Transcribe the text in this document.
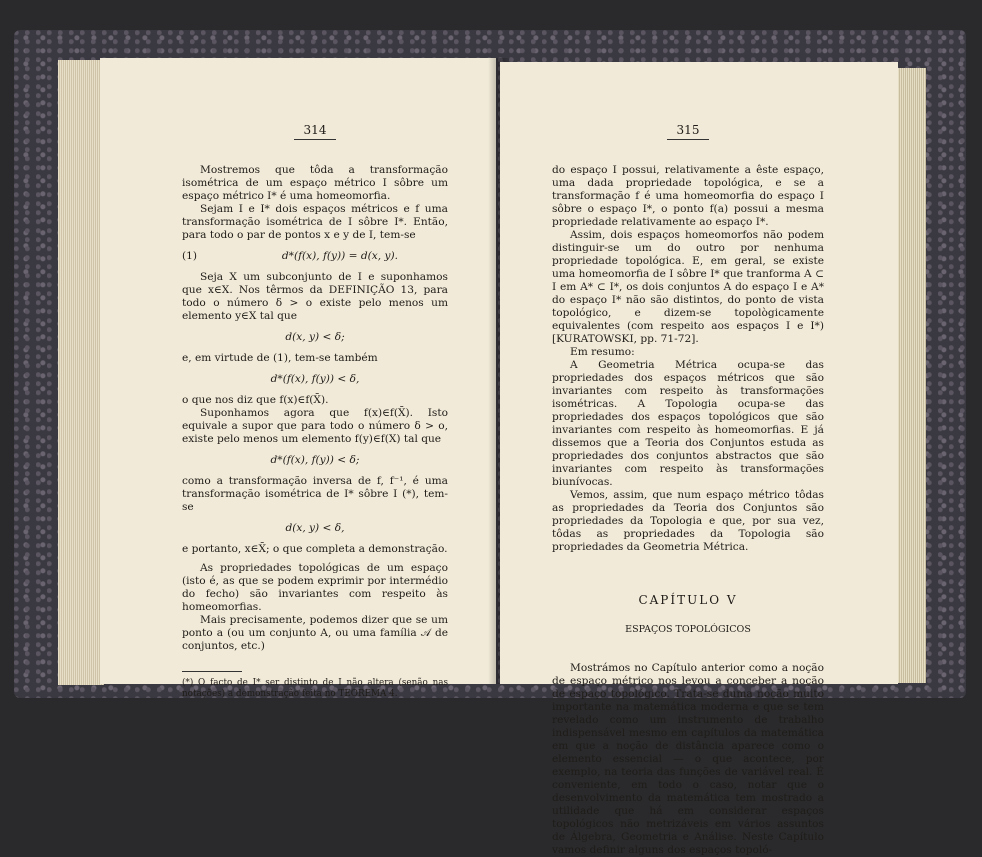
314

Mostremos que tôda a transformação isométrica de um espaço métrico I sôbre um espaço métrico I* é uma homeomorfia.

Sejam I e I* dois espaços métricos e f uma transformação isométrica de I sôbre I*. Então, para todo o par de pontos x e y de I, tem-se

(1)	d*(f(x), f(y)) = d(x, y).

Seja X um subconjunto de I e suponhamos que x∈X. Nos têrmos da DEFINIÇÃO 13, para todo o número δ > o existe pelo menos um elemento y∈X tal que

d(x, y) < δ;

e, em virtude de (1), tem-se também

d*(f(x), f(y)) < δ,

o que nos diz que f(x)∈f(X̄).

Suponhamos agora que f(x)∈f(X̄). Isto equivale a supor que para todo o número δ > o, existe pelo menos um elemento f(y)∈f(X) tal que

d*(f(x), f(y)) < δ;

como a transformação inversa de f, f⁻¹, é uma transformação isométrica de I* sôbre I (*), tem-se

d(x, y) < δ,

e portanto, x∈X̄; o que completa a demonstração.

As propriedades topológicas de um espaço (isto é, as que se podem exprimir por intermédio do fecho) são invariantes com respeito às homeomorfias.

Mais precisamente, podemos dizer que se um ponto a (ou um conjunto A, ou uma família 𝒜 de conjuntos, etc.)

(*) O facto de I* ser distinto de I não altera (senão nas notações) a demonstração feita no TEOREMA 4.

315

do espaço I possui, relativamente a êste espaço, uma dada propriedade topológica, e se a transformação f é uma homeomorfia do espaço I sôbre o espaço I*, o ponto f(a) possui a mesma propriedade relativamente ao espaço I*.

Assim, dois espaços homeomorfos não podem distinguir-se um do outro por nenhuma propriedade topológica. E, em geral, se existe uma homeomorfia de I sôbre I* que tranforma A ⊂ I em A* ⊂ I*, os dois conjuntos A do espaço I e A* do espaço I* não são distintos, do ponto de vista topológico, e dizem-se topològicamente equivalentes (com respeito aos espaços I e I*) [KURATOWSKI, pp. 71-72].

Em resumo:

A Geometria Métrica ocupa-se das propriedades dos espaços métricos que são invariantes com respeito às transformações isométricas. A Topologia ocupa-se das propriedades dos espaços topológicos que são invariantes com respeito às homeomorfias. E já dissemos que a Teoria dos Conjuntos estuda as propriedades dos conjuntos abstractos que são invariantes com respeito às transformações biunívocas.

Vemos, assim, que num espaço métrico tôdas as propriedades da Teoria dos Conjuntos são propriedades da Topologia e que, por sua vez, tôdas as propriedades da Topologia são propriedades da Geometria Métrica.

CAPÍTULO V
ESPAÇOS TOPOLÓGICOS

Mostrámos no Capítulo anterior como a noção de espaço métrico nos levou a conceber a noção de espaço topológico. Trata-se duma noção muito importante na matemática moderna e que se tem revelado como um instrumento de trabalho indispensável mesmo em capítulos da matemática em que a noção de distância aparece como o elemento essencial — o que acontece, por exemplo, na teoria das funções de variável real. É conveniente, em todo o caso, notar que o desenvolvimento da matemática tem mostrado a utilidade que há em considerar espaços topológicos não metrizáveis em vários assuntos de Álgebra, Geometria e Análise. Neste Capítulo vamos definir alguns dos espaços topoló-
